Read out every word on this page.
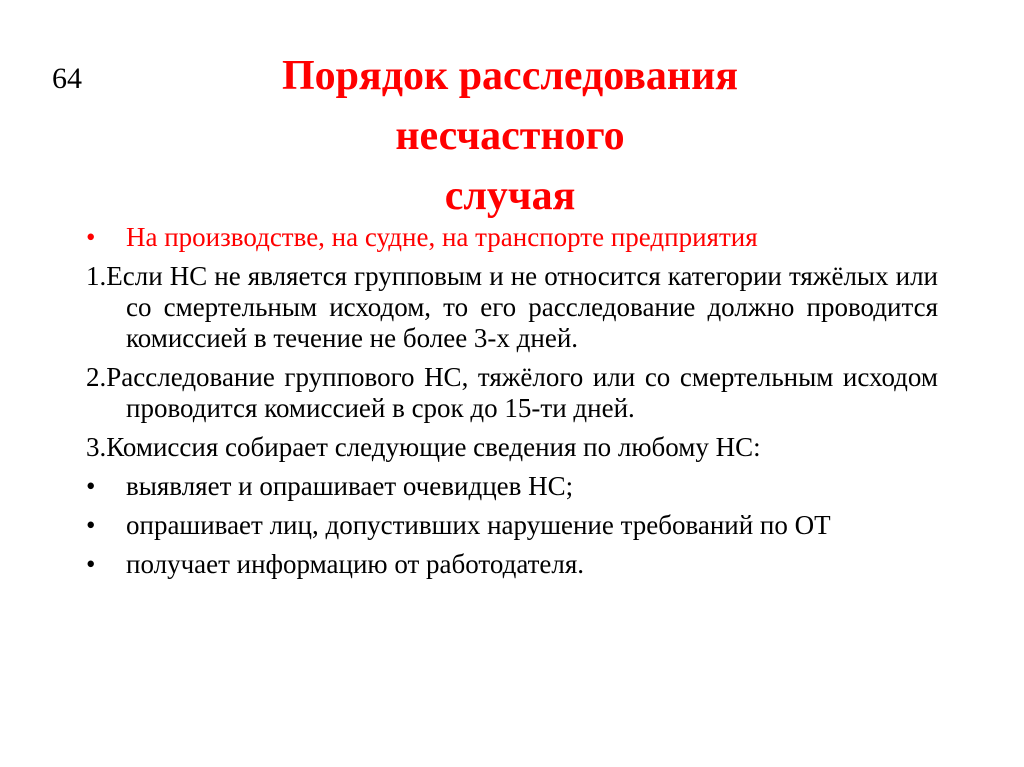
64	Порядок расследования
несчастного
случая
•	На производстве, на судне, на транспорте предприятия
1.Если НС не является групповым и не относится категории тяжёлых или со смертельным исходом, то его расследование должно проводится комиссией в течение не более 3-х дней.
2.Расследование группового НС, тяжёлого или со смертельным исходом проводится комиссией в срок до 15-ти дней.
3.Комиссия собирает следующие сведения по любому НС:
•	выявляет и опрашивает очевидцев НС;
•	опрашивает лиц, допустивших нарушение требований по ОТ
•	получает информацию от работодателя.
